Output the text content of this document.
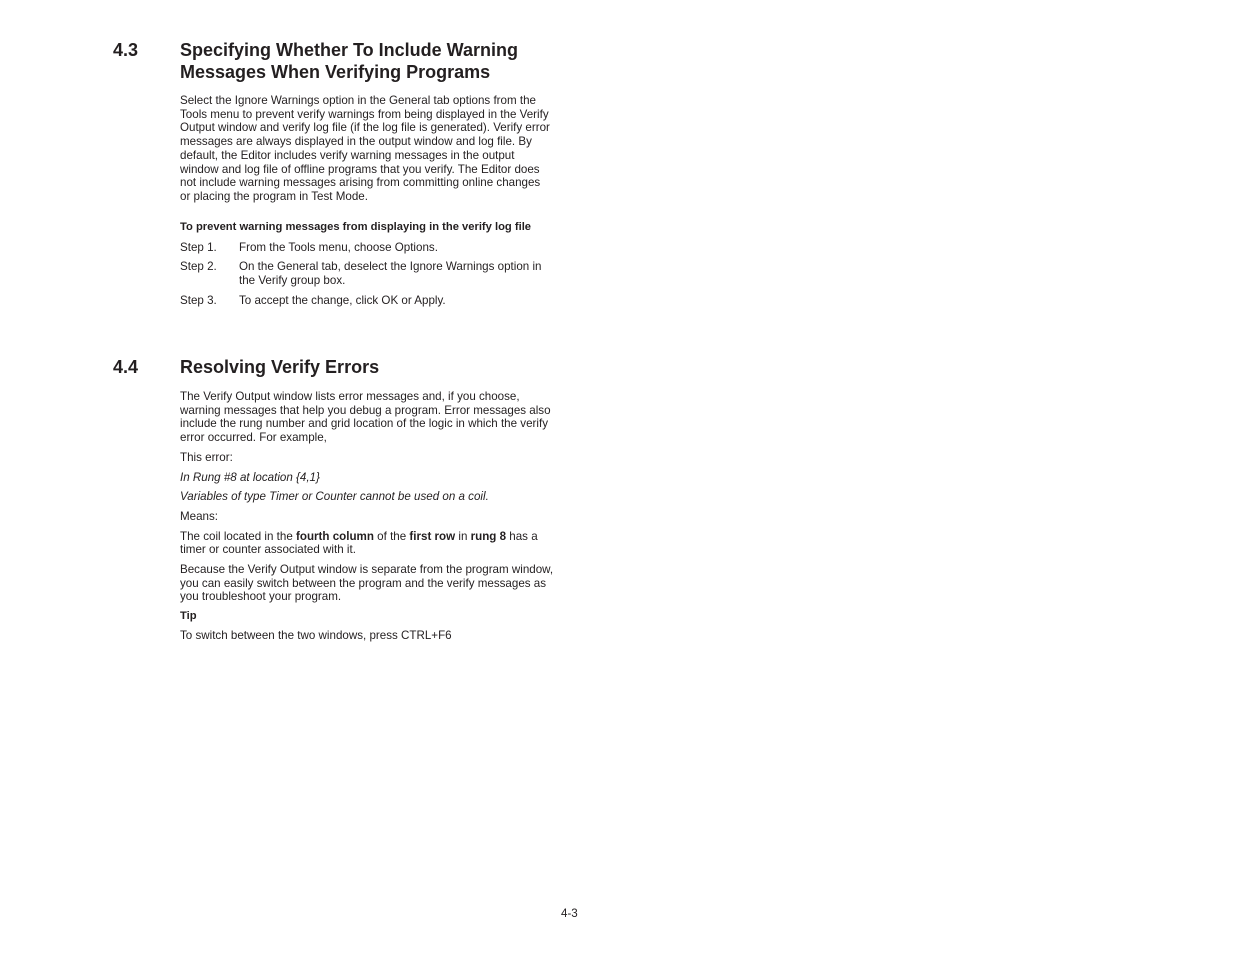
4.3 Specifying Whether To Include Warning
Messages When Verifying Programs

Select the Ignore Warnings option in the General tab options from the Tools menu to prevent verify warnings from being displayed in the Verify Output window and verify log file (if the log file is generated). Verify error messages are always displayed in the output window and log file. By default, the Editor includes verify warning messages in the output window and log file of offline programs that you verify. The Editor does not include warning messages arising from committing online changes or placing the program in Test Mode.

To prevent warning messages from displaying in the verify log file

Step 1.	From the Tools menu, choose Options.
Step 2.	On the General tab, deselect the Ignore Warnings option in the Verify group box.
Step 3.	To accept the change, click OK or Apply.
4.4 Resolving Verify Errors

The Verify Output window lists error messages and, if you choose, warning messages that help you debug a program. Error messages also include the rung number and grid location of the logic in which the verify error occurred. For example,

This error:

In Rung #8 at location {4,1}

Variables of type Timer or Counter cannot be used on a coil.

Means:

The coil located in the fourth column of the first row in rung 8 has a timer or counter associated with it.

Because the Verify Output window is separate from the program window, you can easily switch between the program and the verify messages as you troubleshoot your program.

Tip

To switch between the two windows, press CTRL+F6

4-3
